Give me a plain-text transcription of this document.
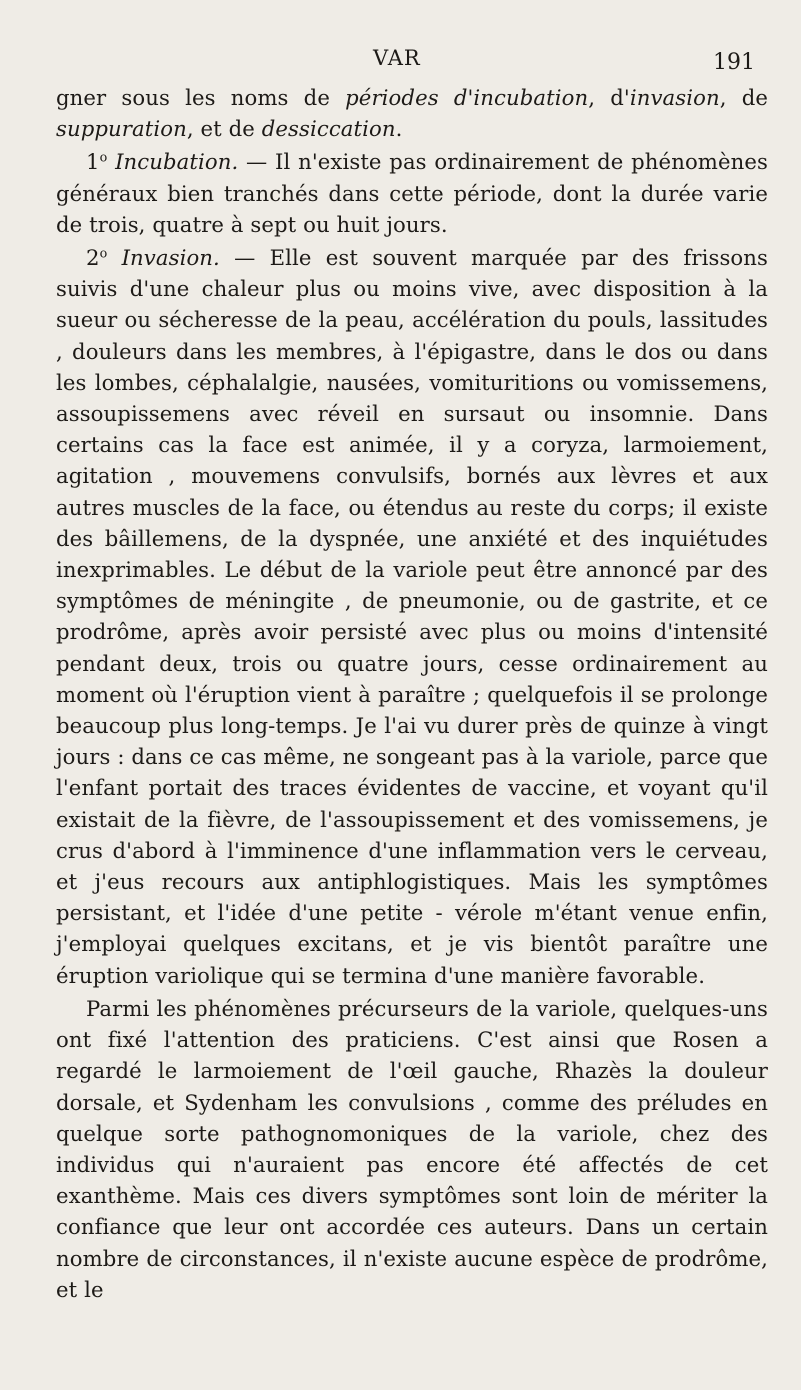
VAR	191

gner sous les noms de périodes d'incubation, d'invasion, de suppuration, et de dessiccation.

1$^o$ Incubation. — Il n'existe pas ordinairement de phénomènes généraux bien tranchés dans cette période, dont la durée varie de trois, quatre à sept ou huit jours.

2$^o$ Invasion. — Elle est souvent marquée par des frissons suivis d'une chaleur plus ou moins vive, avec disposition à la sueur ou sécheresse de la peau, accélération du pouls, lassitudes , douleurs dans les membres, à l'épigastre, dans le dos ou dans les lombes, céphalalgie, nausées, vomituritions ou vomissemens, assoupissemens avec réveil en sursaut ou insomnie. Dans certains cas la face est animée, il y a coryza, larmoiement, agitation , mouvemens convulsifs, bornés aux lèvres et aux autres muscles de la face, ou étendus au reste du corps; il existe des bâillemens, de la dyspnée, une anxiété et des inquiétudes inexprimables. Le début de la variole peut être annoncé par des symptômes de méningite , de pneumonie, ou de gastrite, et ce prodrôme, après avoir persisté avec plus ou moins d'intensité pendant deux, trois ou quatre jours, cesse ordinairement au moment où l'éruption vient à paraître ; quelquefois il se prolonge beaucoup plus long-temps. Je l'ai vu durer près de quinze à vingt jours : dans ce cas même, ne songeant pas à la variole, parce que l'enfant portait des traces évidentes de vaccine, et voyant qu'il existait de la fièvre, de l'assoupissement et des vomissemens, je crus d'abord à l'imminence d'une inflammation vers le cerveau, et j'eus recours aux antiphlogistiques. Mais les symptômes persistant, et l'idée d'une petite - vérole m'étant venue enfin, j'employai quelques excitans, et je vis bientôt paraître une éruption variolique qui se termina d'une manière favorable.

Parmi les phénomènes précurseurs de la variole, quelques-uns ont fixé l'attention des praticiens. C'est ainsi que Rosen a regardé le larmoiement de l'œil gauche, Rhazès la douleur dorsale, et Sydenham les convulsions , comme des préludes en quelque sorte pathognomoniques de la variole, chez des individus qui n'auraient pas encore été affectés de cet exanthème. Mais ces divers symptômes sont loin de mériter la confiance que leur ont accordée ces auteurs. Dans un certain nombre de circonstances, il n'existe aucune espèce de prodrôme, et le
